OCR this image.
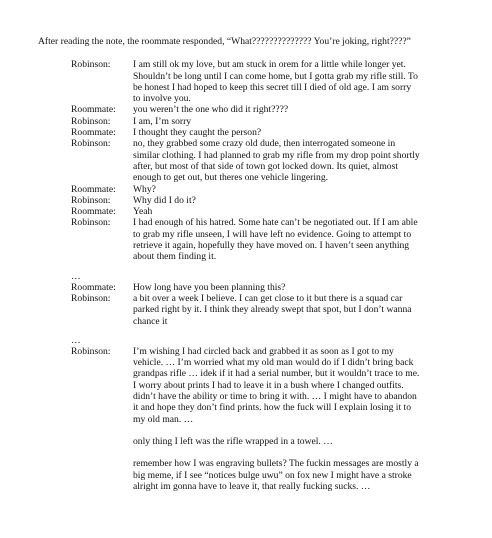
After reading the note, the roommate responded, “What?????????????? You’re joking, right????”
Robinson:	I am still ok my love, but am stuck in orem for a little while longer yet.
Shouldn’t be long until I can come home, but I gotta grab my rifle still. To
be honest I had hoped to keep this secret till I died of old age. I am sorry
to involve you.
Roommate:	you weren’t the one who did it right????
Robinson:	I am, I’m sorry
Roommate:	I thought they caught the person?
Robinson:	no, they grabbed some crazy old dude, then interrogated someone in
similar clothing. I had planned to grab my rifle from my drop point shortly
after, but most of that side of town got locked down. Its quiet, almost
enough to get out, but theres one vehicle lingering.
Roommate:	Why?
Robinson:	Why did I do it?
Roommate:	Yeah
Robinson:	I had enough of his hatred. Some hate can’t be negotiated out. If I am able
to grab my rifle unseen, I will have left no evidence. Going to attempt to
retrieve it again, hopefully they have moved on. I haven’t seen anything
about them finding it.
…
Roommate:	How long have you been planning this?
Robinson:	a bit over a week I believe. I can get close to it but there is a squad car
parked right by it. I think they already swept that spot, but I don’t wanna
chance it
…
Robinson:	I’m wishing I had circled back and grabbed it as soon as I got to my
vehicle. … I’m worried what my old man would do if I didn’t bring back
grandpas rifle … idek if it had a serial number, but it wouldn’t trace to me.
I worry about prints I had to leave it in a bush where I changed outfits.
didn’t have the ability or time to bring it with. … I might have to abandon
it and hope they don’t find prints. how the fuck will I explain losing it to
my old man. …
only thing I left was the rifle wrapped in a towel. …
remember how I was engraving bullets? The fuckin messages are mostly a
big meme, if I see “notices bulge uwu” on fox new I might have a stroke
alright im gonna have to leave it, that really fucking sucks. …
